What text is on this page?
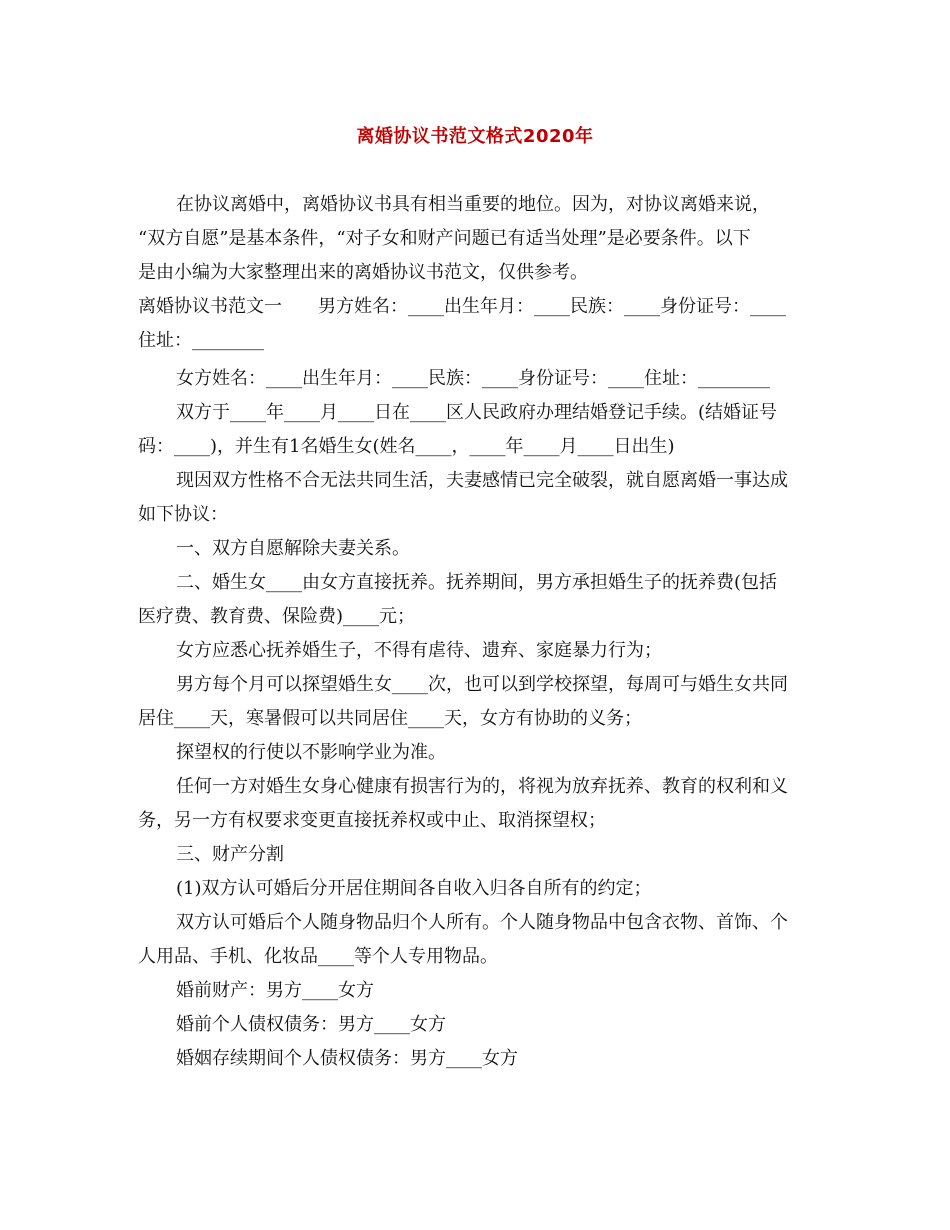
离婚协议书范文格式2020年

在协议离婚中，离婚协议书具有相当重要的地位。因为，对协议离婚来说，

“双方自愿”是基本条件，“对子女和财产问题已有适当处理”是必要条件。以下

是由小编为大家整理出来的离婚协议书范文，仅供参考。

离婚协议书范文一　　男方姓名：____出生年月：____民族：____身份证号：____

住址：________

女方姓名：____出生年月：____民族：____身份证号：____住址：________

双方于____年____月____日在____区人民政府办理结婚登记手续。(结婚证号

码：____)，并生有1名婚生女(姓名____，____年____月____日出生)

现因双方性格不合无法共同生活，夫妻感情已完全破裂，就自愿离婚一事达成

如下协议：

一、双方自愿解除夫妻关系。

二、婚生女____由女方直接抚养。抚养期间，男方承担婚生子的抚养费(包括

医疗费、教育费、保险费)____元；

女方应悉心抚养婚生子，不得有虐待、遗弃、家庭暴力行为；

男方每个月可以探望婚生女____次，也可以到学校探望，每周可与婚生女共同

居住____天，寒暑假可以共同居住____天，女方有协助的义务；

探望权的行使以不影响学业为准。

任何一方对婚生女身心健康有损害行为的，将视为放弃抚养、教育的权利和义

务，另一方有权要求变更直接抚养权或中止、取消探望权；

三、财产分割

(1)双方认可婚后分开居住期间各自收入归各自所有的约定；

双方认可婚后个人随身物品归个人所有。个人随身物品中包含衣物、首饰、个

人用品、手机、化妆品____等个人专用物品。

婚前财产：男方____女方

婚前个人债权债务：男方____女方

婚姻存续期间个人债权债务：男方____女方
